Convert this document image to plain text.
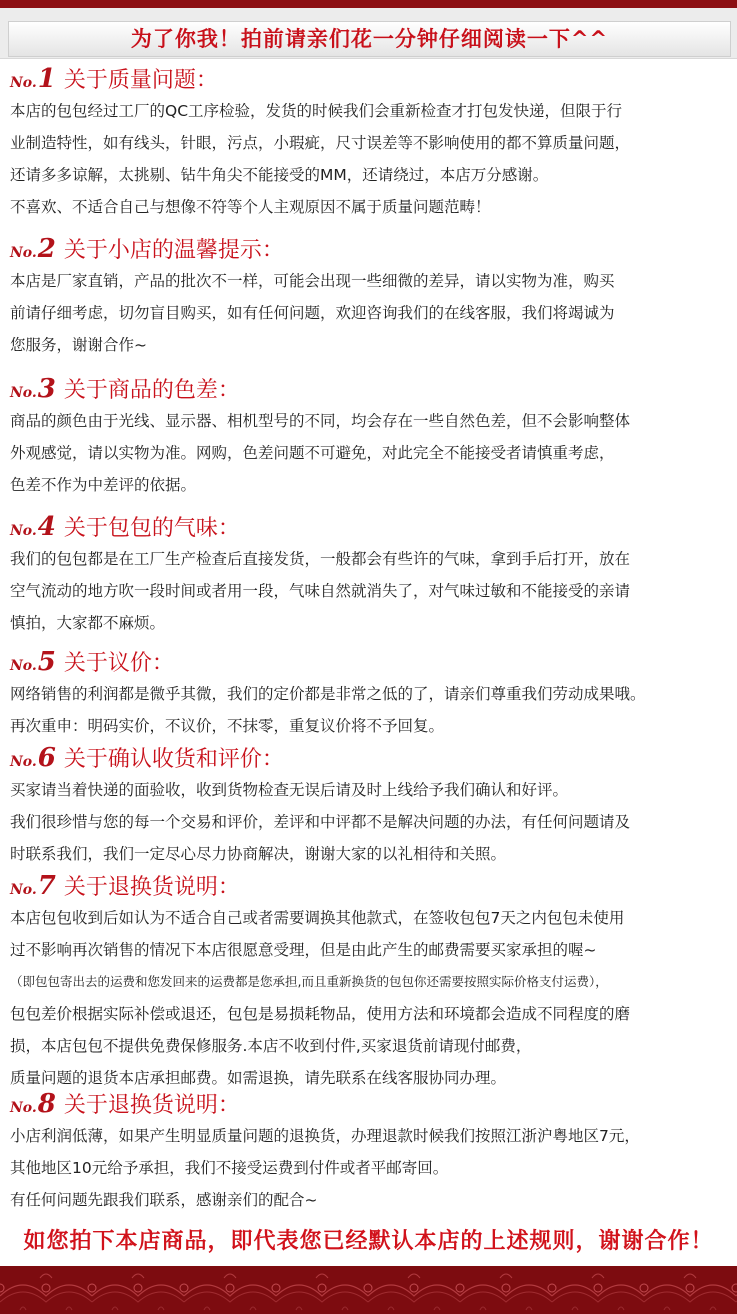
为了你我！拍前请亲们花一分钟仔细阅读一下^^
No.1 关于质量问题：

本店的包包经过工厂的QC工序检验，发货的时候我们会重新检查才打包发快递，但限于行

业制造特性，如有线头，针眼，污点，小瑕疵，尺寸误差等不影响使用的都不算质量问题，

还请多多谅解，太挑剔、钻牛角尖不能接受的MM，还请绕过，本店万分感谢。

不喜欢、不适合自己与想像不符等个人主观原因不属于质量问题范畴！

No.2 关于小店的温馨提示：

本店是厂家直销，产品的批次不一样，可能会出现一些细微的差异，请以实物为准，购买

前请仔细考虑，切勿盲目购买，如有任何问题，欢迎咨询我们的在线客服，我们将竭诚为

您服务，谢谢合作~

No.3 关于商品的色差：

商品的颜色由于光线、显示器、相机型号的不同，均会存在一些自然色差，但不会影响整体

外观感觉，请以实物为准。网购，色差问题不可避免，对此完全不能接受者请慎重考虑，

色差不作为中差评的依据。

No.4 关于包包的气味：

我们的包包都是在工厂生产检查后直接发货，一般都会有些许的气味，拿到手后打开，放在

空气流动的地方吹一段时间或者用一段，气味自然就消失了，对气味过敏和不能接受的亲请

慎拍，大家都不麻烦。

No.5 关于议价：

网络销售的利润都是微乎其微，我们的定价都是非常之低的了，请亲们尊重我们劳动成果哦。

再次重申：明码实价，不议价，不抹零，重复议价将不予回复。

No.6 关于确认收货和评价：

买家请当着快递的面验收，收到货物检查无误后请及时上线给予我们确认和好评。

我们很珍惜与您的每一个交易和评价，差评和中评都不是解决问题的办法，有任何问题请及

时联系我们，我们一定尽心尽力协商解决，谢谢大家的以礼相待和关照。

No.7 关于退换货说明：

本店包包收到后如认为不适合自己或者需要调换其他款式，在签收包包7天之内包包未使用

过不影响再次销售的情况下本店很愿意受理，但是由此产生的邮费需要买家承担的喔~

（即包包寄出去的运费和您发回来的运费都是您承担,而且重新换货的包包你还需要按照实际价格支付运费），

包包差价根据实际补偿或退还，包包是易损耗物品，使用方法和环境都会造成不同程度的磨

损，本店包包不提供免费保修服务.本店不收到付件,买家退货前请现付邮费，

质量问题的退货本店承担邮费。如需退换，请先联系在线客服协同办理。

No.8 关于退换货说明：

小店利润低薄，如果产生明显质量问题的退换货，办理退款时候我们按照江浙沪粤地区7元，

其他地区10元给予承担，我们不接受运费到付件或者平邮寄回。

有任何问题先跟我们联系，感谢亲们的配合~

如您拍下本店商品，即代表您已经默认本店的上述规则，谢谢合作！
